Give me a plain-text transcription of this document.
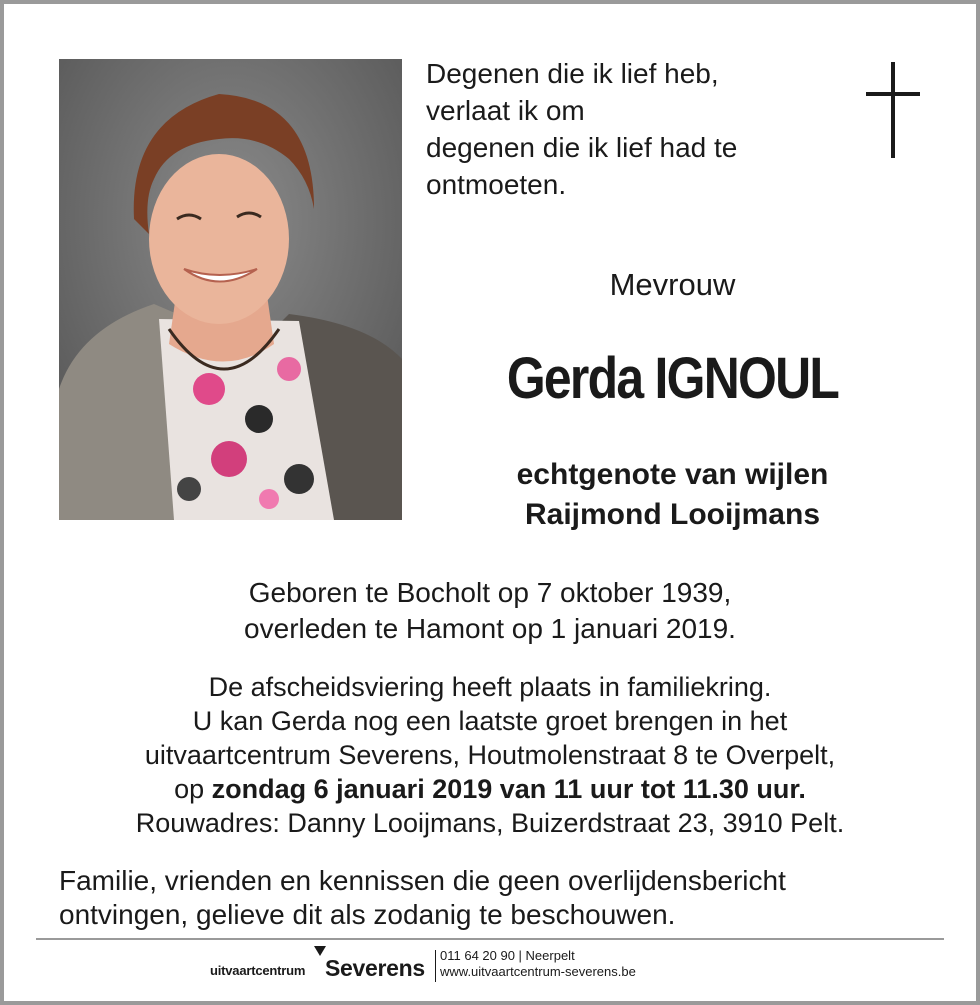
Degenen die ik lief heb,
verlaat ik om
degenen die ik lief had te
ontmoeten.
Mevrouw
Gerda IGNOUL
echtgenote van wijlen
Raijmond Looijmans
Geboren te Bocholt op 7 oktober 1939,
overleden te Hamont op 1 januari 2019.
De afscheidsviering heeft plaats in familiekring.
U kan Gerda nog een laatste groet brengen in het
uitvaartcentrum Severens, Houtmolenstraat 8 te Overpelt,
op zondag 6 januari 2019 van 11 uur tot 11.30 uur.
Rouwadres: Danny Looijmans, Buizerdstraat 23, 3910 Pelt.
Familie, vrienden en kennissen die geen overlijdensbericht
ontvingen, gelieve dit als zodanig te beschouwen.
uitvaartcentrum Severens 011 64 20 90 | Neerpelt
www.uitvaartcentrum-severens.be
